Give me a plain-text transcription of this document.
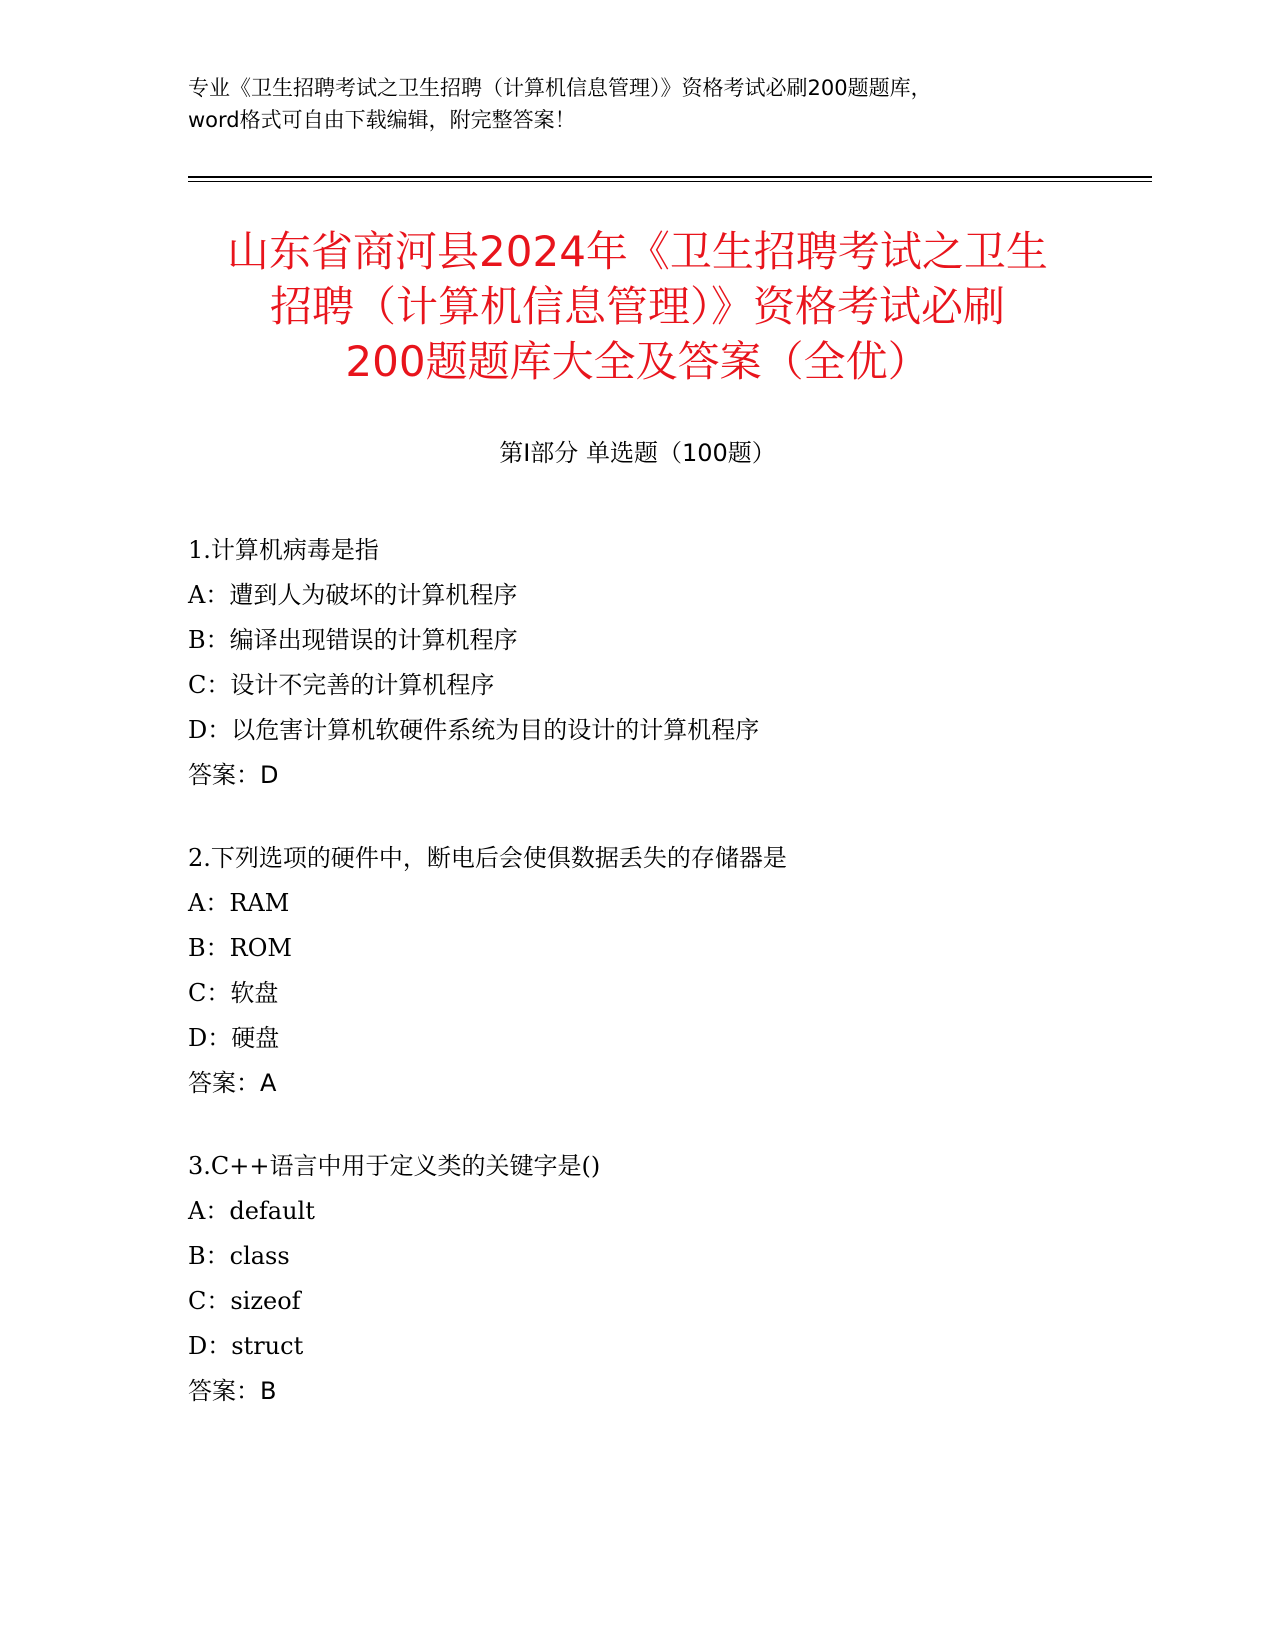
专业《卫生招聘考试之卫生招聘（计算机信息管理）》资格考试必刷200题题库，
word格式可自由下载编辑，附完整答案！
山东省商河县2024年《卫生招聘考试之卫生
招聘（计算机信息管理）》资格考试必刷
200题题库大全及答案（全优）
第Ⅰ部分 单选题（100题）
1.计算机病毒是指
A：遭到人为破坏的计算机程序
B：编译出现错误的计算机程序
C：设计不完善的计算机程序
D：以危害计算机软硬件系统为目的设计的计算机程序
答案：D
2.下列选项的硬件中，断电后会使俱数据丢失的存储器是
A：RAM
B：ROM
C：软盘
D：硬盘
答案：A
3.C++语言中用于定义类的关键字是()
A：default
B：class
C：sizeof
D：struct
答案：B
